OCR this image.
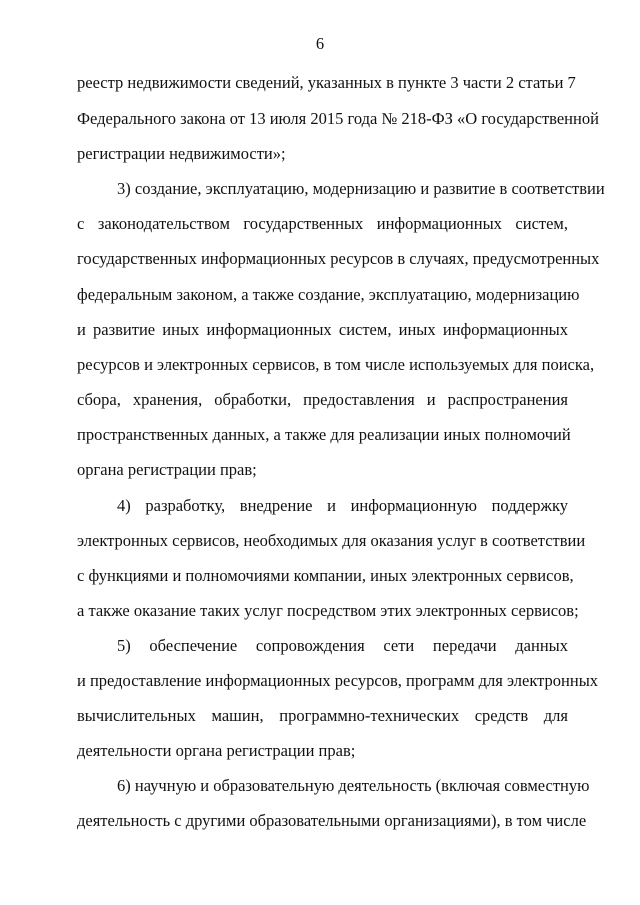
6
реестр недвижимости сведений, указанных в пункте 3 части 2 статьи 7
Федерального закона от 13 июля 2015 года № 218-ФЗ «О государственной
регистрации недвижимости»;
3) создание, эксплуатацию, модернизацию и развитие в соответствии
с законодательством государственных информационных систем,
государственных информационных ресурсов в случаях, предусмотренных
федеральным законом, а также создание, эксплуатацию, модернизацию
и развитие иных информационных систем, иных информационных
ресурсов и электронных сервисов, в том числе используемых для поиска,
сбора, хранения, обработки, предоставления и распространения
пространственных данных, а также для реализации иных полномочий
органа регистрации прав;
4) разработку, внедрение и информационную поддержку
электронных сервисов, необходимых для оказания услуг в соответствии
с функциями и полномочиями компании, иных электронных сервисов,
а также оказание таких услуг посредством этих электронных сервисов;
5) обеспечение сопровождения сети передачи данных
и предоставление информационных ресурсов, программ для электронных
вычислительных машин, программно-технических средств для
деятельности органа регистрации прав;
6) научную и образовательную деятельность (включая совместную
деятельность с другими образовательными организациями), в том числе
